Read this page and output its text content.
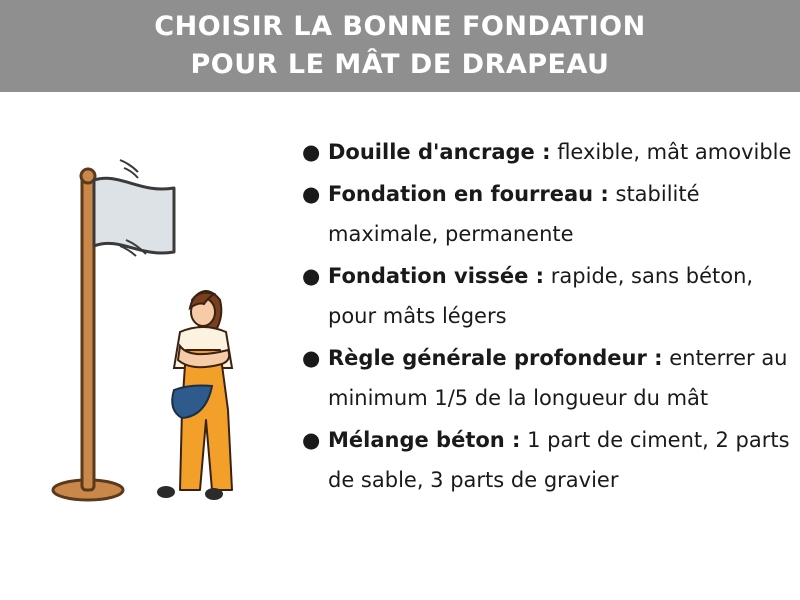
CHOISIR LA BONNE FONDATION
POUR LE MÂT DE DRAPEAU
● Douille d'ancrage : flexible, mât amovible
● Fondation en fourreau : stabilité maximale, permanente
● Fondation vissée : rapide, sans béton, pour mâts légers
● Règle générale profondeur : enterrer au minimum 1/5 de la longueur du mât
● Mélange béton : 1 part de ciment, 2 parts de sable, 3 parts de gravier
